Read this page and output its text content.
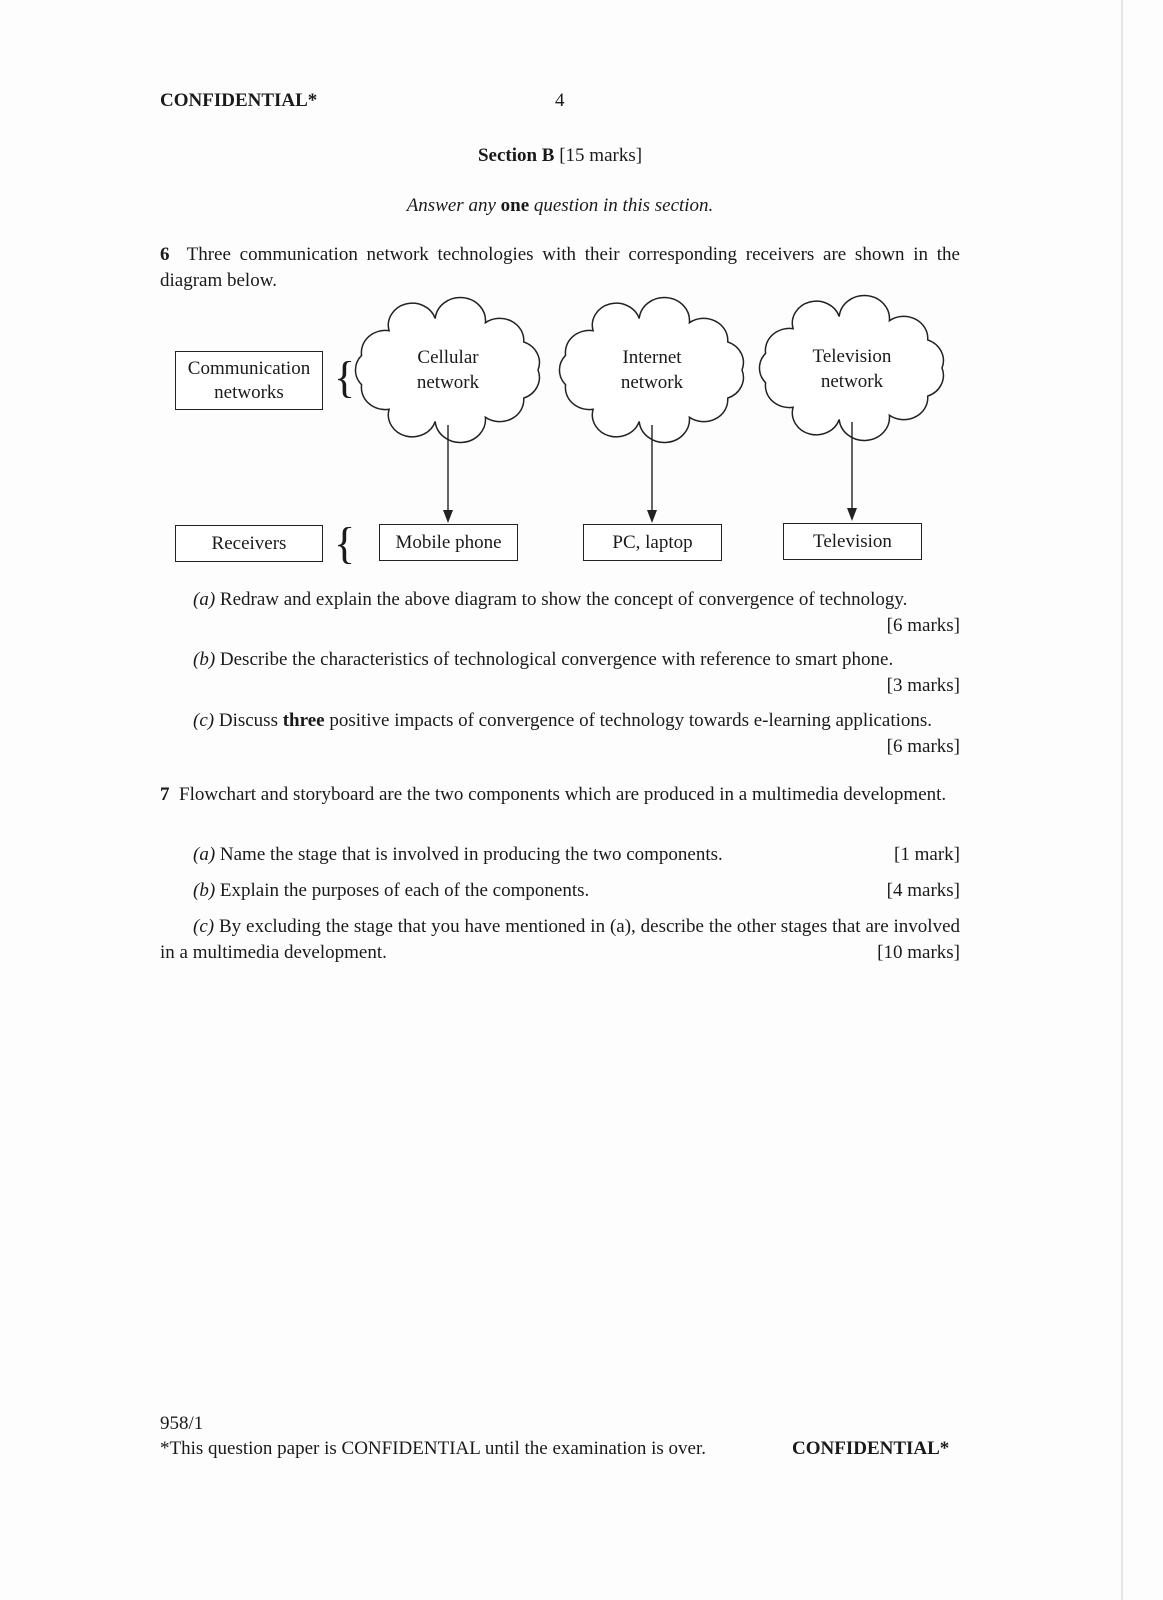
CONFIDENTIAL*	4
Section B [15 marks]
Answer any one question in this section.
6 Three communication network technologies with their corresponding receivers are shown in the diagram below.
Communication
networks	{	Cellular
network
Internet
network
Television
network
Receivers	{	Mobile phone	PC, laptop	Television
(a) Redraw and explain the above diagram to show the concept of convergence of technology.

[6 marks]
(b) Describe the characteristics of technological convergence with reference to smart phone.

[3 marks]
(c) Discuss three positive impacts of convergence of technology towards e-learning applications.
[6 marks]
7 Flowchart and storyboard are the two components which are produced in a multimedia development.
(a) Name the stage that is involved in producing the two components.	[1 mark]
(b) Explain the purposes of each of the components.	[4 marks]
(c) By excluding the stage that you have mentioned in (a), describe the other stages that are involved in a multimedia development.	[10 marks]
958/1
*This question paper is CONFIDENTIAL until the examination is over.	CONFIDENTIAL*
